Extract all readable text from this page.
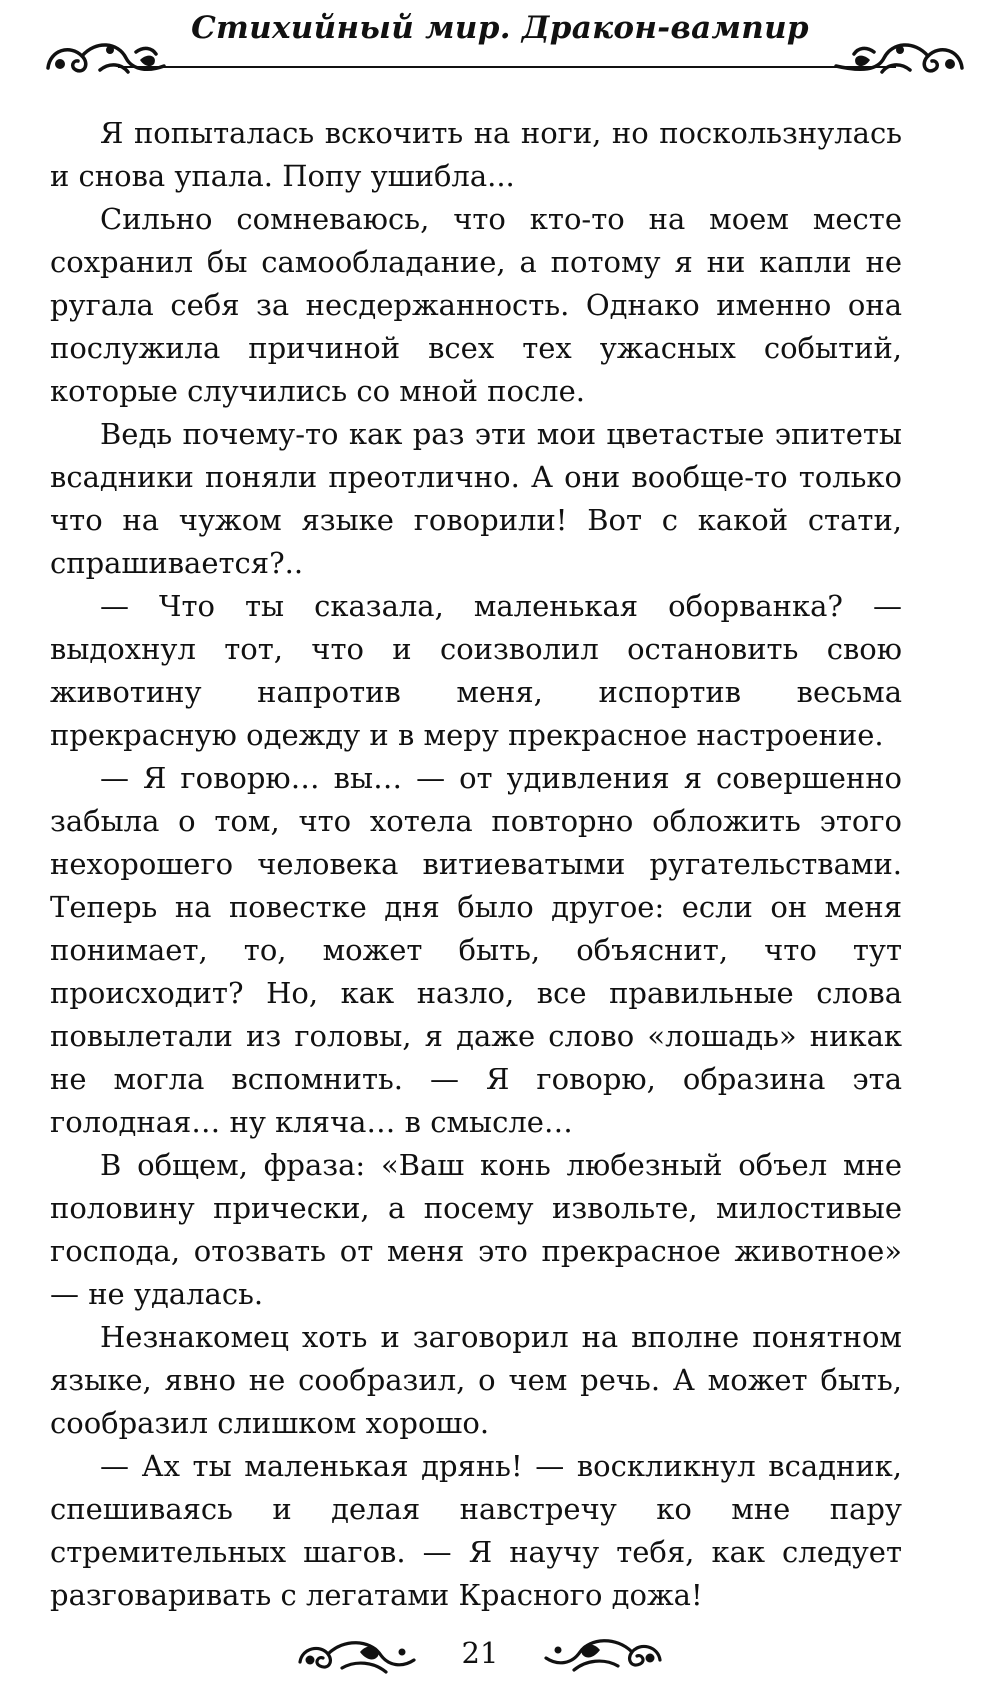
Стихийный мир. Дракон-вампир

Я попыталась вскочить на ноги, но поскользнулась и снова упала. Попу ушибла...

Сильно сомневаюсь, что кто-то на моем месте сохранил бы самообладание, а потому я ни капли не ругала себя за несдержанность. Однако именно она послужила причиной всех тех ужасных событий, которые случились со мной после.

Ведь почему-то как раз эти мои цветастые эпитеты всадники поняли преотлично. А они вообще-то только что на чужом языке говорили! Вот с какой стати, спрашивается?..

— Что ты сказала, маленькая оборванка? — выдохнул тот, что и соизволил остановить свою животину напротив меня, испортив весьма прекрасную одежду и в меру прекрасное настроение.

— Я говорю… вы… — от удивления я совершенно забыла о том, что хотела повторно обложить этого нехорошего человека витиеватыми ругательствами. Теперь на повестке дня было другое: если он меня понимает, то, может быть, объяснит, что тут происходит? Но, как назло, все правильные слова повылетали из головы, я даже слово «лошадь» никак не могла вспомнить. — Я говорю, образина эта голодная… ну кляча… в смысле…

В общем, фраза: «Ваш конь любезный объел мне половину прически, а посему извольте, милостивые господа, отозвать от меня это прекрасное животное» — не удалась.

Незнакомец хоть и заговорил на вполне понятном языке, явно не сообразил, о чем речь. А может быть, сообразил слишком хорошо.

— Ах ты маленькая дрянь! — воскликнул всадник, спешиваясь и делая навстречу ко мне пару стремительных шагов. — Я научу тебя, как следует разговаривать с легатами Красного дожа!

21
